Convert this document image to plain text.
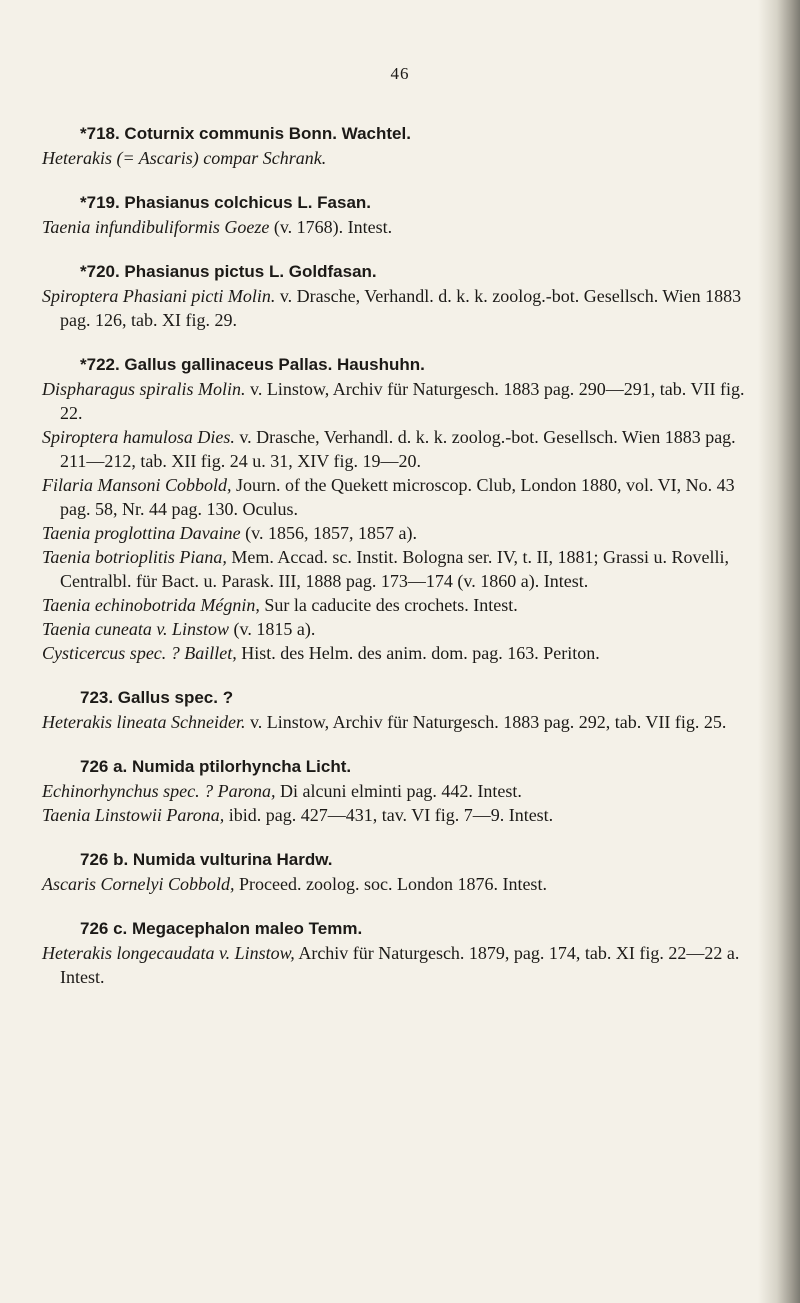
46
*718. Coturnix communis Bonn. Wachtel.
Heterakis (= Ascaris) compar Schrank.
*719. Phasianus colchicus L. Fasan.
Taenia infundibuliformis Goeze (v. 1768). Intest.
*720. Phasianus pictus L. Goldfasan.
Spiroptera Phasiani picti Molin. v. Drasche, Verhandl. d. k. k. zoolog.-bot. Gesellsch. Wien 1883 pag. 126, tab. XI fig. 29.
*722. Gallus gallinaceus Pallas. Haushuhn.
Dispharagus spiralis Molin. v. Linstow, Archiv für Naturgesch. 1883 pag. 290—291, tab. VII fig. 22.
Spiroptera hamulosa Dies. v. Drasche, Verhandl. d. k. k. zoolog.-bot. Gesellsch. Wien 1883 pag. 211—212, tab. XII fig. 24 u. 31, XIV fig. 19—20.
Filaria Mansoni Cobbold, Journ. of the Quekett microscop. Club, London 1880, vol. VI, No. 43 pag. 58, Nr. 44 pag. 130. Oculus.
Taenia proglottina Davaine (v. 1856, 1857, 1857 a).
Taenia botrioplitis Piana, Mem. Accad. sc. Instit. Bologna ser. IV, t. II, 1881; Grassi u. Rovelli, Centralbl. für Bact. u. Parask. III, 1888 pag. 173—174 (v. 1860 a). Intest.
Taenia echinobotrida Mégnin, Sur la caducite des crochets. Intest.
Taenia cuneata v. Linstow (v. 1815 a).
Cysticercus spec. ? Baillet, Hist. des Helm. des anim. dom. pag. 163. Periton.
723. Gallus spec. ?
Heterakis lineata Schneider. v. Linstow, Archiv für Naturgesch. 1883 pag. 292, tab. VII fig. 25.
726 a. Numida ptilorhyncha Licht.
Echinorhynchus spec. ? Parona, Di alcuni elminti pag. 442. Intest.
Taenia Linstowii Parona, ibid. pag. 427—431, tav. VI fig. 7—9. Intest.
726 b. Numida vulturina Hardw.
Ascaris Cornelyi Cobbold, Proceed. zoolog. soc. London 1876. Intest.
726 c. Megacephalon maleo Temm.
Heterakis longecaudata v. Linstow, Archiv für Naturgesch. 1879, pag. 174, tab. XI fig. 22—22 a. Intest.
